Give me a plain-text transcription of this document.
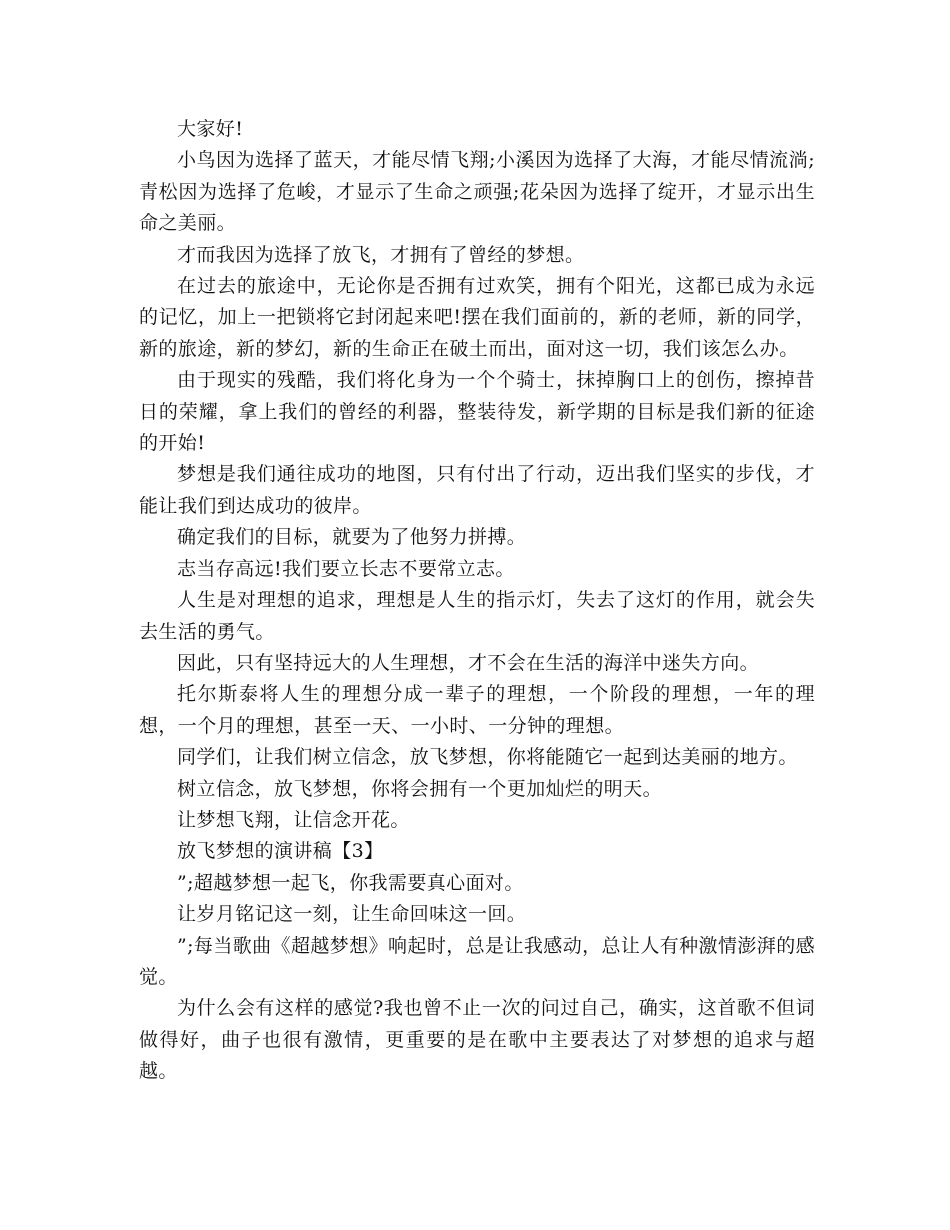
大家好!

小鸟因为选择了蓝天，才能尽情飞翔;小溪因为选择了大海，才能尽情流淌;青松因为选择了危峻，才显示了生命之顽强;花朵因为选择了绽开，才显示出生命之美丽。

才而我因为选择了放飞，才拥有了曾经的梦想。

在过去的旅途中，无论你是否拥有过欢笑，拥有个阳光，这都已成为永远的记忆，加上一把锁将它封闭起来吧!摆在我们面前的，新的老师，新的同学，新的旅途，新的梦幻，新的生命正在破土而出，面对这一切，我们该怎么办。

由于现实的残酷，我们将化身为一个个骑士，抹掉胸口上的创伤，擦掉昔日的荣耀，拿上我们的曾经的利器，整装待发，新学期的目标是我们新的征途的开始!

梦想是我们通往成功的地图，只有付出了行动，迈出我们坚实的步伐，才能让我们到达成功的彼岸。

确定我们的目标，就要为了他努力拼搏。

志当存高远!我们要立长志不要常立志。

人生是对理想的追求，理想是人生的指示灯，失去了这灯的作用，就会失去生活的勇气。

因此，只有坚持远大的人生理想，才不会在生活的海洋中迷失方向。

托尔斯泰将人生的理想分成一辈子的理想，一个阶段的理想，一年的理想，一个月的理想，甚至一天、一小时、一分钟的理想。

同学们，让我们树立信念，放飞梦想，你将能随它一起到达美丽的地方。

树立信念，放飞梦想，你将会拥有一个更加灿烂的明天。

让梦想飞翔，让信念开花。

放飞梦想的演讲稿【3】

”;超越梦想一起飞，你我需要真心面对。

让岁月铭记这一刻，让生命回味这一回。

”;每当歌曲《超越梦想》响起时，总是让我感动，总让人有种激情澎湃的感觉。

为什么会有这样的感觉?我也曾不止一次的问过自己，确实，这首歌不但词做得好，曲子也很有激情，更重要的是在歌中主要表达了对梦想的追求与超越。
